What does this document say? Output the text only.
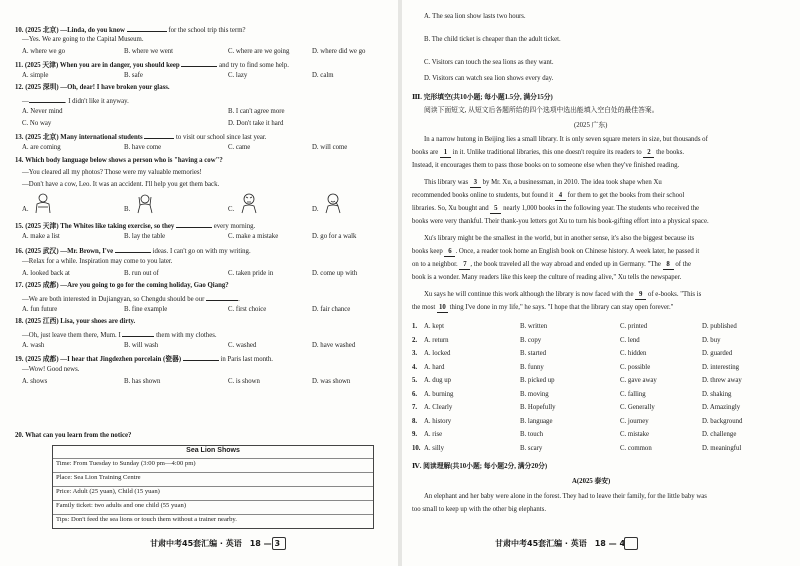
10. (2025 北京) —Linda, do you know	for the school trip this term?
—Yes. We are going to the Capital Museum.
A. where we go	B. where we went	C. where are we going	D. where did we go
11. (2025 天津) When you are in danger, you should keep	and try to find some help.
A. simple	B. safe	C. lazy	D. calm
12. (2025 深圳) —Oh, dear! I have broken your glass.
—	. I didn't like it anyway.
A. Never mind	B. I can't agree more
C. No way	D. Don't take it hard
13. (2025 北京) Many international students	to visit our school since last year.
A. are coming	B. have come	C. came	D. will come
14. Which body language below shows a person who is "having a cow"?
—You cleared all my photos? Those were my valuable memories!
—Don't have a cow, Leo. It was an accident. I'll help you get them back.
A.	B.	C.	D.
15. (2025 天津) The Whites like taking exercise, so they	every morning.
A. make a list	B. lay the table	C. make a mistake	D. go for a walk
16. (2025 武汉) —Mr. Brown, I've	ideas. I can't go on with my writing.
—Relax for a while. Inspiration may come to you later.
A. looked back at	B. run out of	C. taken pride in	D. come up with
17. (2025 成都) —Are you going to go for the coming holiday, Gao Qiang?
—We are both interested in Dujiangyan, so Chengdu should be our	.
A. fun future	B. fine example	C. first choice	D. fair chance
18. (2025 江西) Lisa, your shoes are dirty.
—Oh, just leave them there, Mum. I	them with my clothes.
A. wash	B. will wash	C. washed	D. have washed
19. (2025 成都) —I hear that Jingdezhen porcelain (瓷器)	in Paris last month.
—Wow! Good news.
A. shows	B. has shown	C. is shown	D. was shown
20. What can you learn from the notice?
Sea Lion Shows
Time: From Tuesday to Sunday (3:00 pm—4:00 pm)
Place: Sea Lion Training Centre
Price: Adult (25 yuan), Child (15 yuan)
Family ticket: two adults and one child (55 yuan)
Tips: Don't feed the sea lions or touch them without a trainer nearby.
甘肃中考45套汇编 · 英语　18 — 3
A. The sea lion show lasts two hours.
B. The child ticket is cheaper than the adult ticket.
C. Visitors can touch the sea lions as they want.
D. Visitors can watch sea lion shows every day.
Ⅲ. 完形填空(共10小题; 每小题1.5分, 满分15分)
阅读下面短文, 从短文后各题所给的四个选项中选出能填入空白处的最佳答案。
(2025 广东)
In a narrow hutong in Beijing lies a small library. It is only seven square meters in size, but thousands of
books are 1 in it. Unlike traditional libraries, this one doesn't require its readers to 2 the books.
Instead, it encourages them to pass those books on to someone else when they've finished reading.
This library was 3 by Mr. Xu, a businessman, in 2010. The idea took shape when Xu
recommended books online to students, but found it 4 for them to get the books from their school
libraries. So, Xu bought and 5 nearly 1,000 books in the following year. The students who received the
books were very thankful. Their thank-you letters got Xu to turn his book-gifting effort into a physical space.
Xu's library might be the smallest in the world, but in another sense, it's also the biggest because its
books keep 6 . Once, a reader took home an English book on Chinese history. A week later, he passed it
on to a neighbor. 7 , the book traveled all the way abroad and ended up in Germany. "The 8 of the
book is a wonder. Many readers like this keep the culture of reading alive," Xu tells the newspaper.
Xu says he will continue this work although the library is now faced with the 9 of e-books. "This is
the most 10 thing I've done in my life," he says. "I hope that the library can stay open forever."
1. A. kept	B. written	C. printed	D. published
2. A. return	B. copy	C. lend	D. buy
3. A. locked	B. started	C. hidden	D. guarded
4. A. hard	B. funny	C. possible	D. interesting
5. A. dug up	B. picked up	C. gave away	D. threw away
6. A. burning	B. moving	C. falling	D. shaking
7. A. Clearly	B. Hopefully	C. Generally	D. Amazingly
8. A. history	B. language	C. journey	D. background
9. A. rise	B. touch	C. mistake	D. challenge
10. A. silly	B. scary	C. common	D. meaningful
Ⅳ. 阅读理解(共10小题; 每小题2分, 满分20分)
A(2025 泰安)
An elephant and her baby were alone in the forest. They had to leave their family, for the little baby was
too small to keep up with the other big elephants.
甘肃中考45套汇编 · 英语　18 — 4
